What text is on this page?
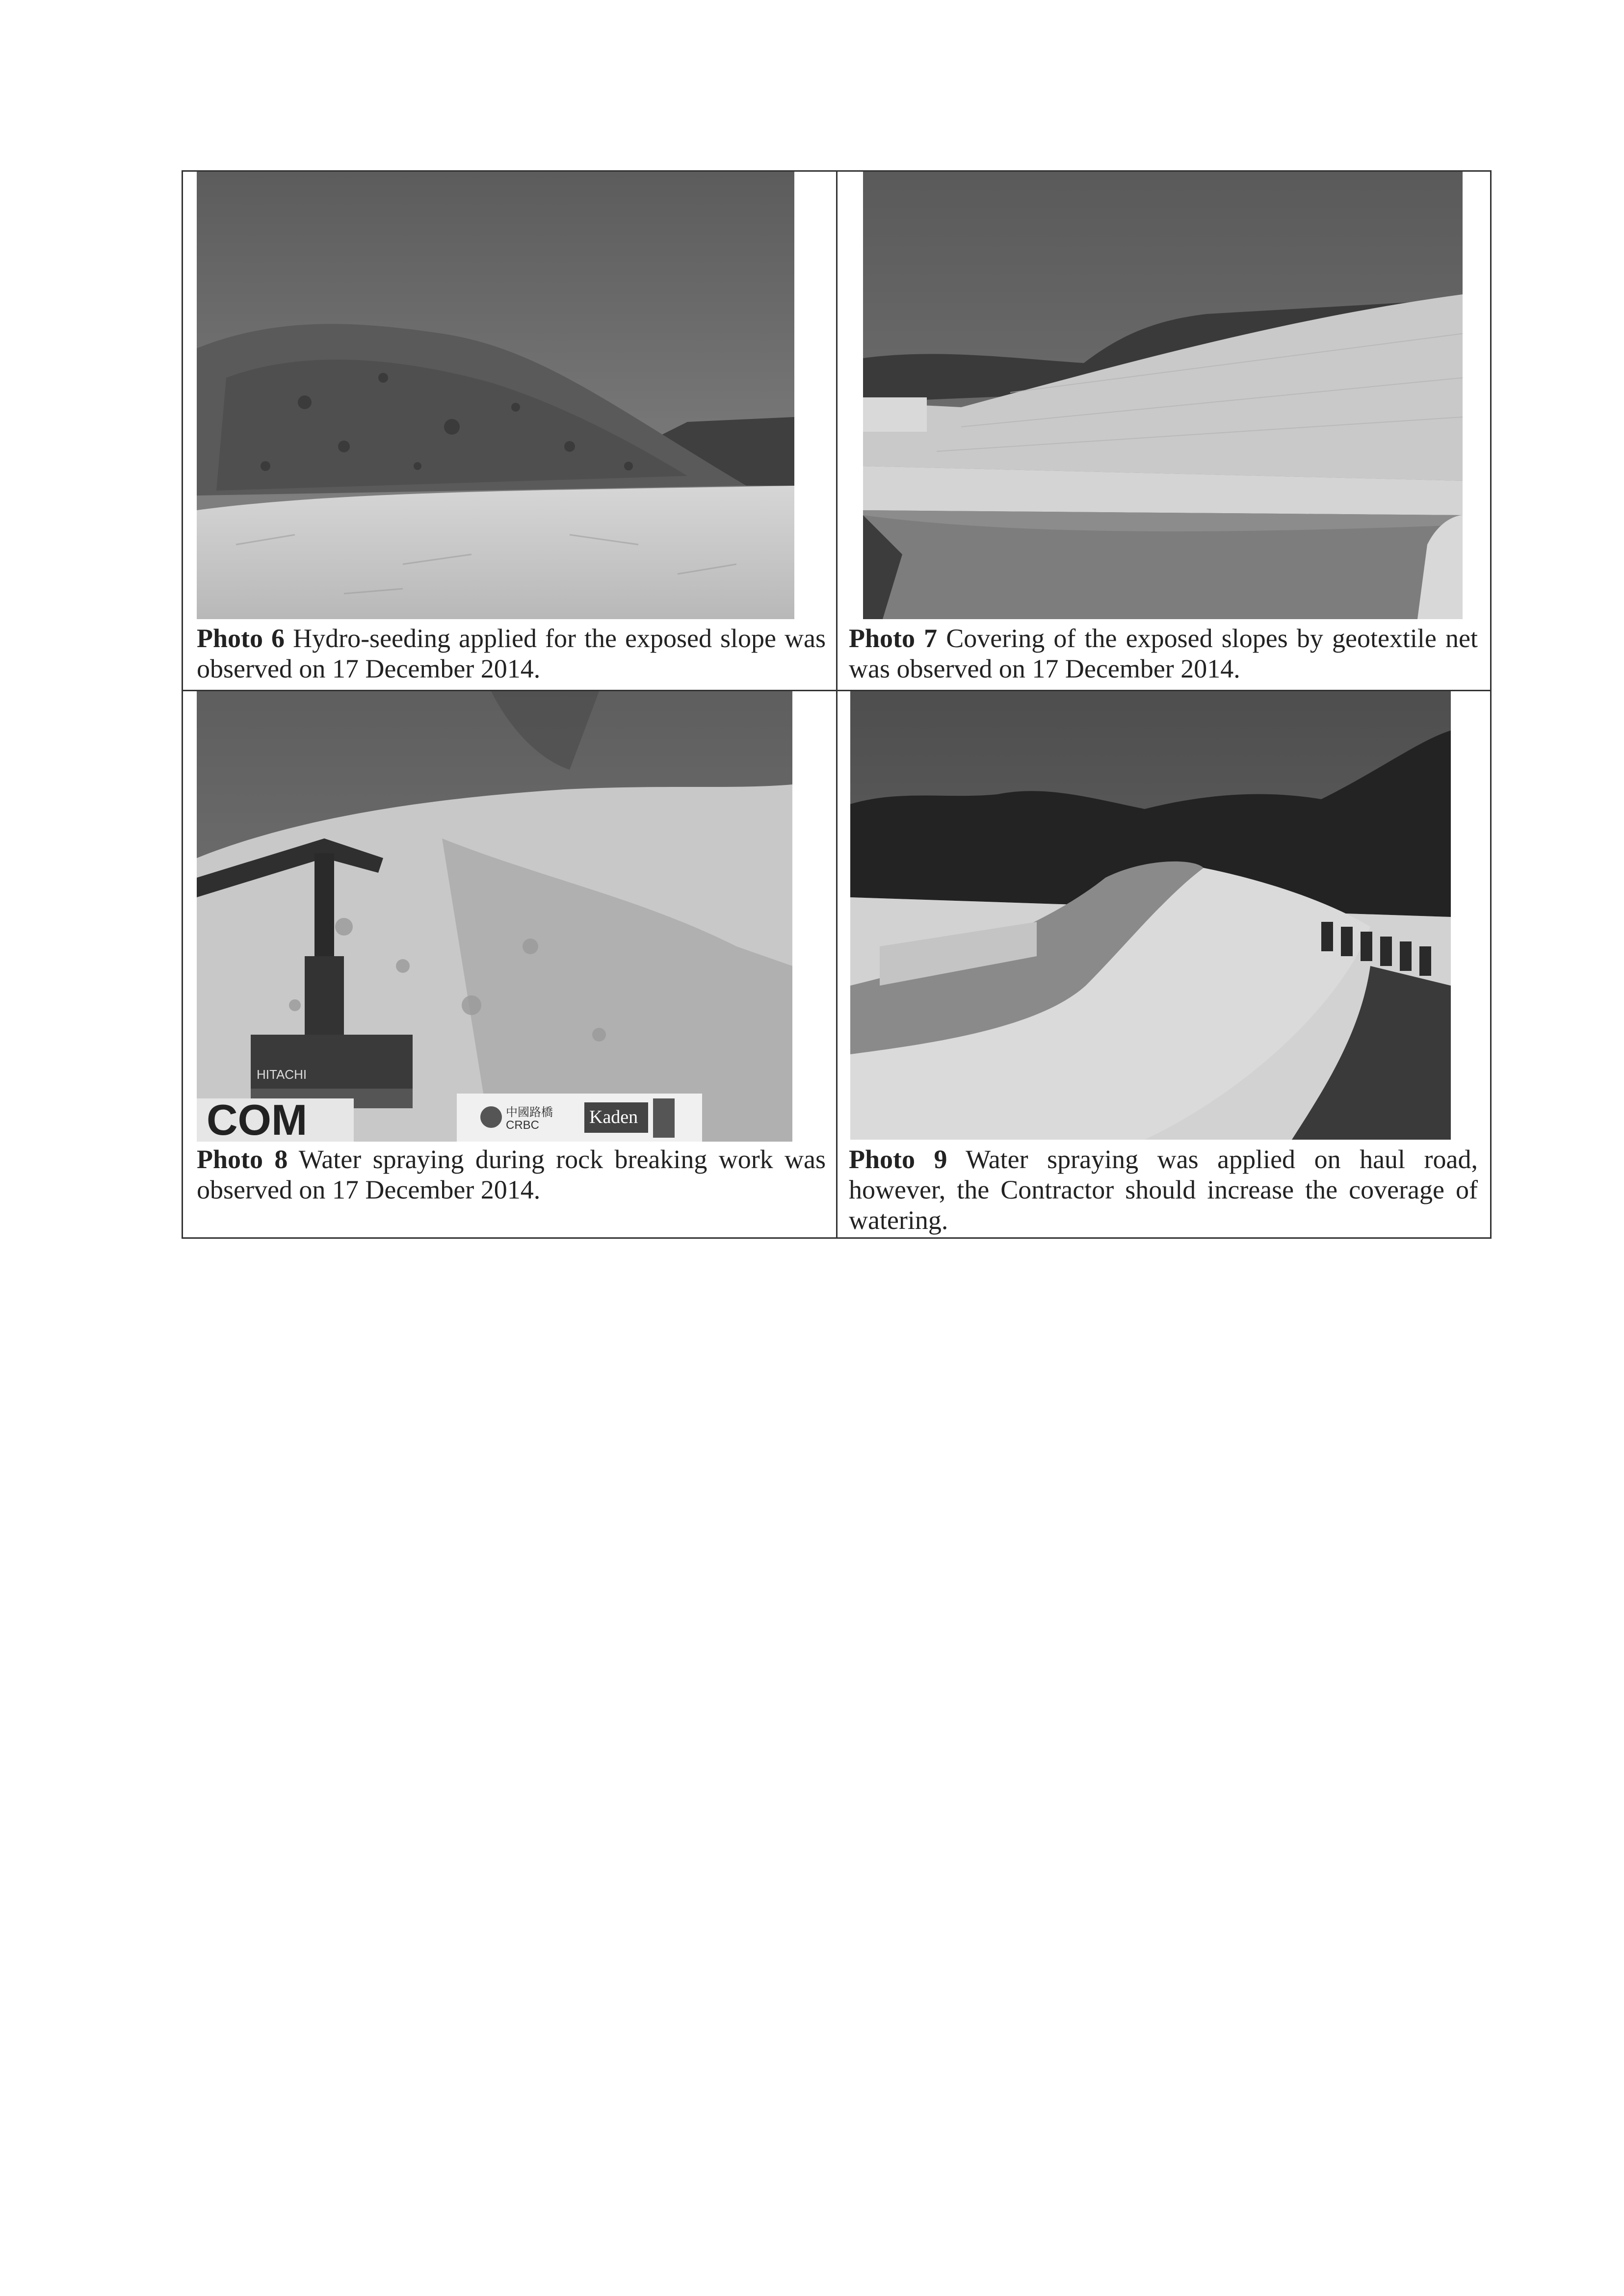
Photo 6 Hydro-seeding applied for the exposed slope was observed on 17 December 2014.
Photo 7 Covering of the exposed slopes by geotextile net was observed on 17 December 2014.
HITACHI
COM	中國路橋 CRBC	Kaden
Photo 8 Water spraying during rock breaking work was observed on 17 December 2014.
Photo 9 Water spraying was applied on haul road, however, the Contractor should increase the coverage of watering.
